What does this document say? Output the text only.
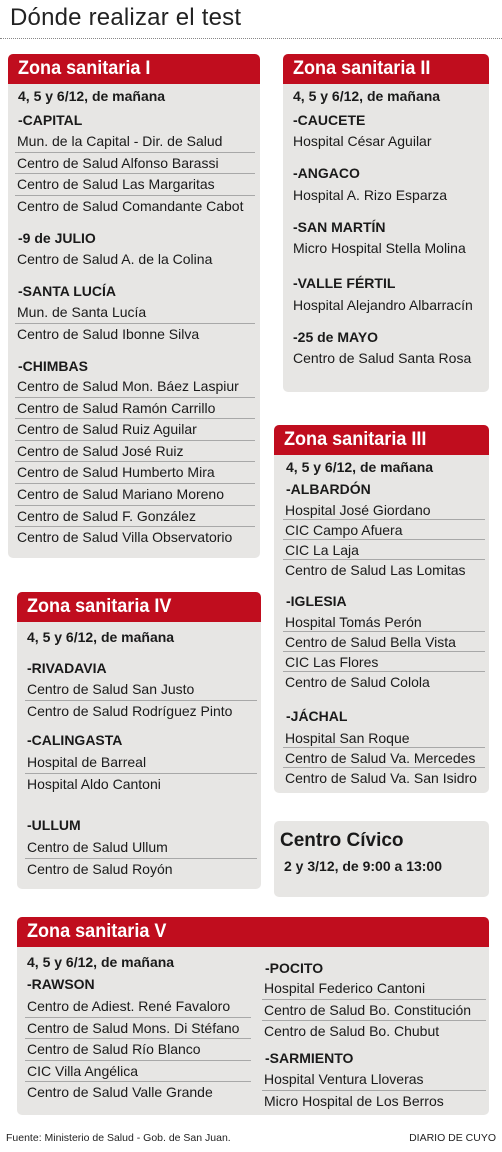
Dónde realizar el test
Zona sanitaria I
4, 5 y 6/12, de mañana
-CAPITAL
Mun. de la Capital - Dir. de Salud
Centro de Salud Alfonso Barassi
Centro de Salud Las Margaritas
Centro de Salud Comandante Cabot
-9 de JULIO
Centro de Salud A. de la Colina
-SANTA LUCÍA
Mun. de Santa Lucía
Centro de Salud Ibonne Silva
-CHIMBAS
Centro de Salud Mon. Báez Laspiur
Centro de Salud Ramón Carrillo
Centro de Salud Ruiz Aguilar
Centro de Salud José Ruiz
Centro de Salud Humberto Mira
Centro de Salud Mariano Moreno
Centro de Salud F. González
Centro de Salud Villa Observatorio
Zona sanitaria II
4, 5 y 6/12, de mañana
-CAUCETE
Hospital César Aguilar
-ANGACO
Hospital A. Rizo Esparza
-SAN MARTÍN
Micro Hospital Stella Molina
-VALLE FÉRTIL
Hospital Alejandro Albarracín
-25 de MAYO
Centro de Salud Santa Rosa
Zona sanitaria III
4, 5 y 6/12, de mañana
-ALBARDÓN
Hospital José Giordano
CIC Campo Afuera
CIC La Laja
Centro de Salud Las Lomitas
-IGLESIA
Hospital Tomás Perón
Centro de Salud Bella Vista
CIC Las Flores
Centro de Salud Colola
-JÁCHAL
Hospital San Roque
Centro de Salud Va. Mercedes
Centro de Salud Va. San Isidro
Zona sanitaria IV
4, 5 y 6/12, de mañana
-RIVADAVIA
Centro de Salud San Justo
Centro de Salud Rodríguez Pinto
-CALINGASTA
Hospital de Barreal
Hospital Aldo Cantoni
-ULLUM
Centro de Salud Ullum
Centro de Salud Royón
Centro Cívico
2 y 3/12, de 9:00 a 13:00
Zona sanitaria V
4, 5 y 6/12, de mañana
-RAWSON
Centro de Adiest. René Favaloro
Centro de Salud Mons. Di Stéfano
Centro de Salud Río Blanco
CIC Villa Angélica
Centro de Salud Valle Grande
-POCITO
Hospital Federico Cantoni
Centro de Salud Bo. Constitución
Centro de Salud Bo. Chubut
-SARMIENTO
Hospital Ventura Lloveras
Micro Hospital de Los Berros
Fuente: Ministerio de Salud - Gob. de San Juan.	DIARIO DE CUYO
